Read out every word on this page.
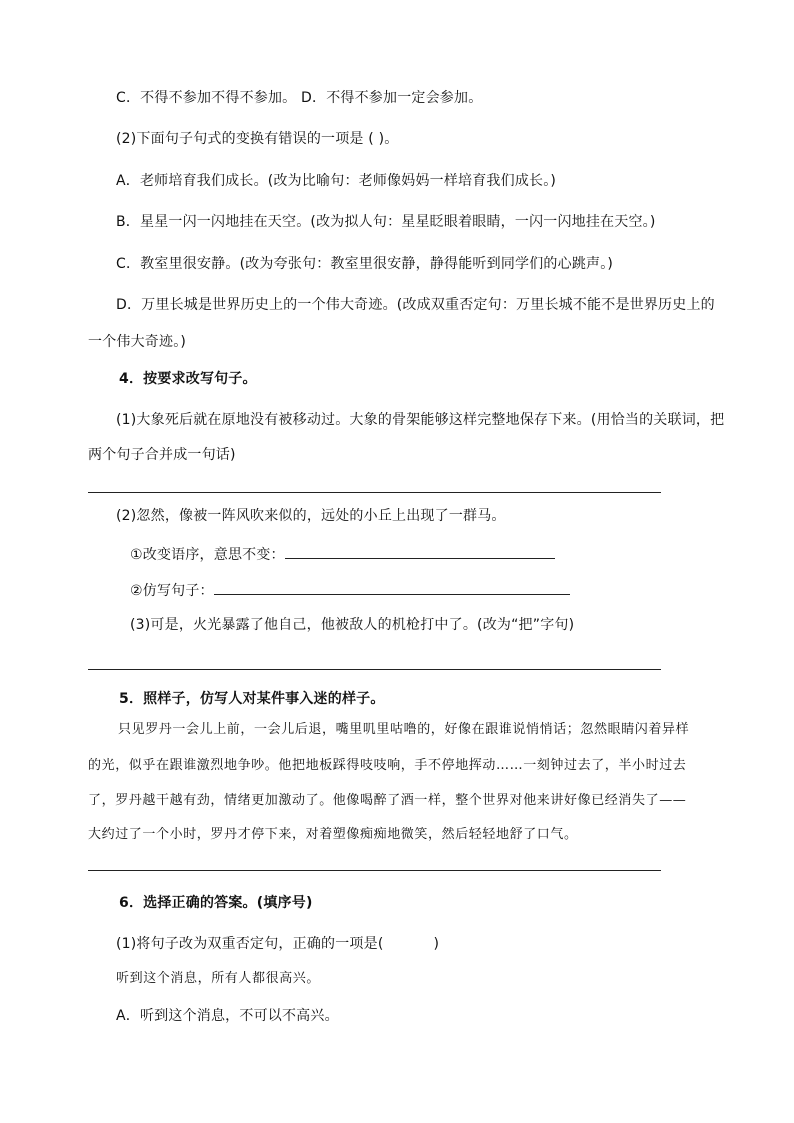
C．不得不参加不得不参加。 D．不得不参加一定会参加。
(2)下面句子句式的变换有错误的一项是 ( )。
A．老师培育我们成长。(改为比喻句：老师像妈妈一样培育我们成长。)
B．星星一闪一闪地挂在天空。(改为拟人句：星星眨眼着眼睛，一闪一闪地挂在天空。)
C．教室里很安静。(改为夸张句：教室里很安静，静得能听到同学们的心跳声。)
D．万里长城是世界历史上的一个伟大奇迹。(改成双重否定句：万里长城不能不是世界历史上的
一个伟大奇迹。)
4．按要求改写句子。
(1)大象死后就在原地没有被移动过。大象的骨架能够这样完整地保存下来。(用恰当的关联词，把
两个句子合并成一句话)
(2)忽然，像被一阵风吹来似的，远处的小丘上出现了一群马。
①改变语序，意思不变：
②仿写句子：
(3)可是，火光暴露了他自己，他被敌人的机枪打中了。(改为“把”字句)
5．照样子，仿写人对某件事入迷的样子。
只见罗丹一会儿上前，一会儿后退，嘴里叽里咕噜的，好像在跟谁说悄悄话；忽然眼睛闪着异样
的光，似乎在跟谁激烈地争吵。他把地板踩得吱吱响，手不停地挥动……一刻钟过去了，半小时过去
了，罗丹越干越有劲，情绪更加激动了。他像喝醉了酒一样，整个世界对他来讲好像已经消失了——
大约过了一个小时，罗丹才停下来，对着塑像痴痴地微笑，然后轻轻地舒了口气。
6．选择正确的答案。(填序号)
(1)将句子改为双重否定句，正确的一项是(	)
听到这个消息，所有人都很高兴。
A．听到这个消息，不可以不高兴。
